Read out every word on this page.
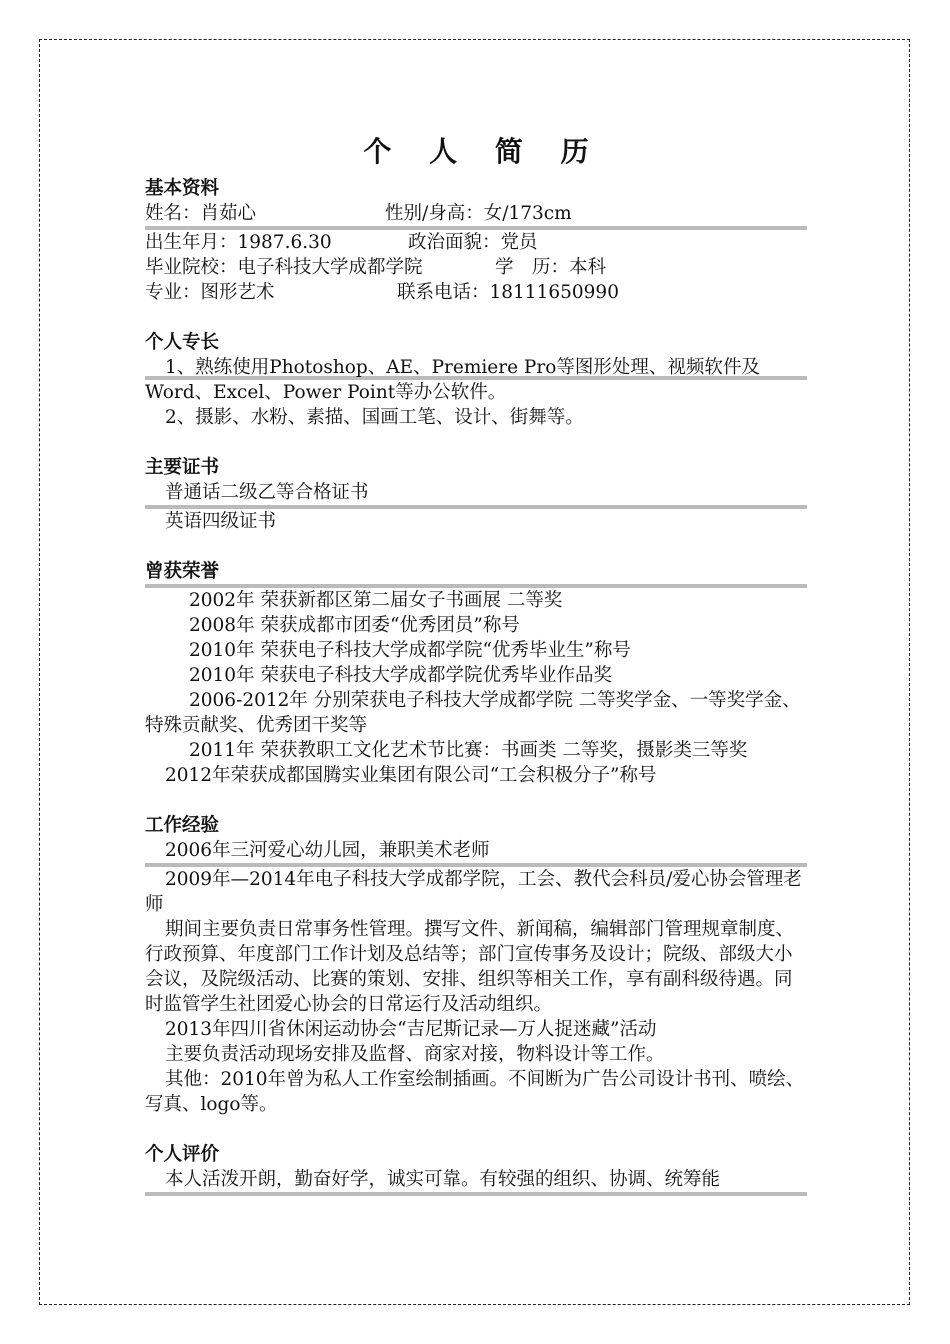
个 人 简 历
基本资料
姓名：肖茹心	性别/身高：女/173cm
出生年月：1987.6.30	政治面貌：党员
毕业院校：电子科技大学成都学院	学　历：本科
专业：图形艺术	联系电话：18111650990
个人专长
1、熟练使用Photoshop、AE、Premiere Pro等图形处理、视频软件及Word、Excel、Power Point等办公软件。
2、摄影、水粉、素描、国画工笔、设计、街舞等。
主要证书
普通话二级乙等合格证书
英语四级证书
曾获荣誉
2002年 荣获新都区第二届女子书画展 二等奖
2008年 荣获成都市团委“优秀团员”称号
2010年 荣获电子科技大学成都学院“优秀毕业生”称号
2010年 荣获电子科技大学成都学院优秀毕业作品奖
2006-2012年 分别荣获电子科技大学成都学院 二等奖学金、一等奖学金、特殊贡献奖、优秀团干奖等
2011年 荣获教职工文化艺术节比赛：书画类 二等奖，摄影类三等奖
2012年荣获成都国腾实业集团有限公司“工会积极分子”称号
工作经验
2006年三河爱心幼儿园，兼职美术老师
2009年—2014年电子科技大学成都学院，工会、教代会科员/爱心协会管理老师
期间主要负责日常事务性管理。撰写文件、新闻稿，编辑部门管理规章制度、行政预算、年度部门工作计划及总结等；部门宣传事务及设计；院级、部级大小会议，及院级活动、比赛的策划、安排、组织等相关工作，享有副科级待遇。同时监管学生社团爱心协会的日常运行及活动组织。
2013年四川省休闲运动协会“吉尼斯记录—万人捉迷藏”活动
主要负责活动现场安排及监督、商家对接，物料设计等工作。
其他：2010年曾为私人工作室绘制插画。不间断为广告公司设计书刊、喷绘、写真、logo等。
个人评价
本人活泼开朗，勤奋好学，诚实可靠。有较强的组织、协调、统筹能
